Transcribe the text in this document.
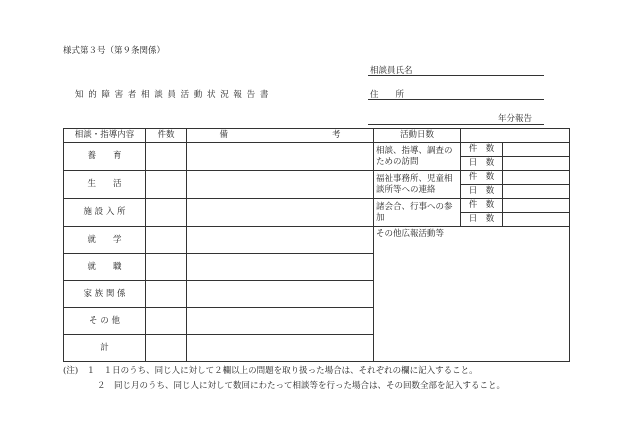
様式第３号（第９条関係）
相談員氏名
知 的 障 害 者 相 談 員 活 動 状 況 報 告 書	住　　所
年分報告
相談・指導内容	件数	備 考	活動日数		
養　　育			相談、指導、調査のための訪問	件　数	
				日　数	
生　　活			福祉事務所、児童相談所等への連絡	件　数	
				日　数	
施 設 入 所			諸会合、行事への参加	件　数	
				日　数	
就　　学			その他広報活動等		
就　　職					
家 族 関 係					
そ の 他					
計					
(注)　１　１日のうち、同じ人に対して２欄以上の問題を取り扱った場合は、それぞれの欄に記入すること。
２　同じ月のうち、同じ人に対して数回にわたって相談等を行った場合は、その回数全部を記入すること。
